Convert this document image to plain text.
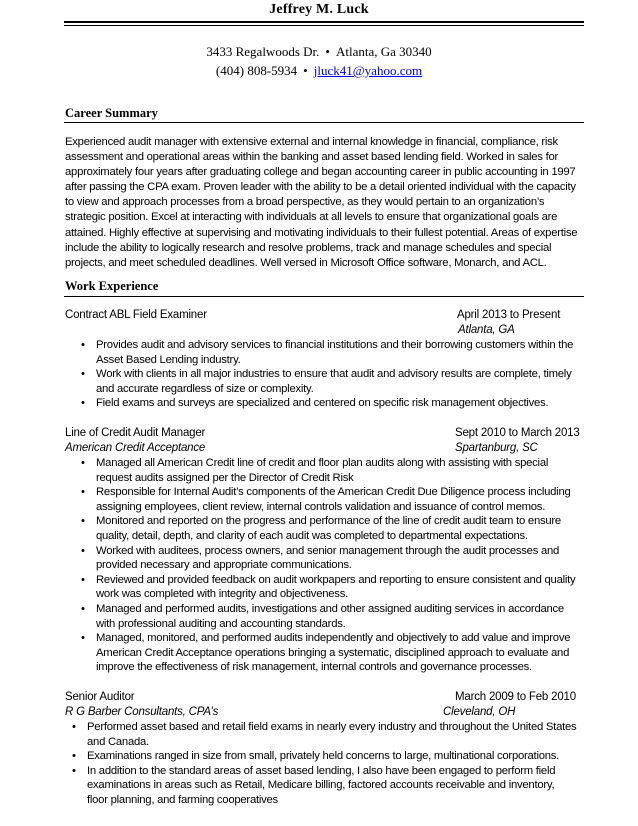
Jeffrey M. Luck
3433 Regalwoods Dr. • Atlanta, Ga 30340
(404) 808-5934 • jluck41@yahoo.com
Career Summary

Experienced audit manager with extensive external and internal knowledge in financial, compliance, risk assessment and operational areas within the banking and asset based lending field. Worked in sales for approximately four years after graduating college and began accounting career in public accounting in 1997 after passing the CPA exam. Proven leader with the ability to be a detail oriented individual with the capacity to view and approach processes from a broad perspective, as they would pertain to an organization’s strategic position. Excel at interacting with individuals at all levels to ensure that organizational goals are attained. Highly effective at supervising and motivating individuals to their fullest potential. Areas of expertise include the ability to logically research and resolve problems, track and manage schedules and special projects, and meet scheduled deadlines. Well versed in Microsoft Office software, Monarch, and ACL.

Work Experience
Contract ABL Field Examiner	April 2013 to Present
Atlanta, GA
• Provides audit and advisory services to financial institutions and their borrowing customers within the Asset Based Lending industry.
• Work with clients in all major industries to ensure that audit and advisory results are complete, timely and accurate regardless of size or complexity.
• Field exams and surveys are specialized and centered on specific risk management objectives.
Line of Credit Audit Manager	Sept 2010 to March 2013
American Credit Acceptance	Spartanburg, SC
• Managed all American Credit line of credit and floor plan audits along with assisting with special request audits assigned per the Director of Credit Risk
• Responsible for Internal Audit’s components of the American Credit Due Diligence process including assigning employees, client review, internal controls validation and issuance of control memos.
• Monitored and reported on the progress and performance of the line of credit audit team to ensure quality, detail, depth, and clarity of each audit was completed to departmental expectations.
• Worked with auditees, process owners, and senior management through the audit processes and provided necessary and appropriate communications.
• Reviewed and provided feedback on audit workpapers and reporting to ensure consistent and quality work was completed with integrity and objectiveness.
• Managed and performed audits, investigations and other assigned auditing services in accordance with professional auditing and accounting standards.
• Managed, monitored, and performed audits independently and objectively to add value and improve American Credit Acceptance operations bringing a systematic, disciplined approach to evaluate and improve the effectiveness of risk management, internal controls and governance processes.
Senior Auditor	March 2009 to Feb 2010
R G Barber Consultants, CPA’s	Cleveland, OH
• Performed asset based and retail field exams in nearly every industry and throughout the United States and Canada.
• Examinations ranged in size from small, privately held concerns to large, multinational corporations.
• In addition to the standard areas of asset based lending, I also have been engaged to perform field examinations in areas such as Retail, Medicare billing, factored accounts receivable and inventory, floor planning, and farming cooperatives
